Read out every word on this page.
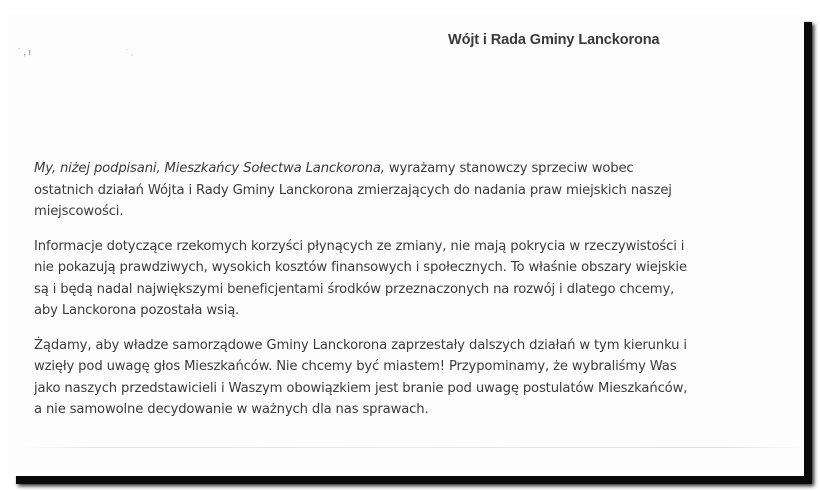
˙ , ı	˙ ,
Wójt i Rada Gminy Lanckorona
My, niżej podpisani, Mieszkańcy Sołectwa Lanckorona, wyrażamy stanowczy sprzeciw wobec
ostatnich działań Wójta i Rady Gminy Lanckorona zmierzających do nadania praw miejskich naszej
miejscowości.
Informacje dotyczące rzekomych korzyści płynących ze zmiany, nie mają pokrycia w rzeczywistości i
nie pokazują prawdziwych, wysokich kosztów finansowych i społecznych. To właśnie obszary wiejskie
są i będą nadal największymi beneficjentami środków przeznaczonych na rozwój i dlatego chcemy,
aby Lanckorona pozostała wsią.
Żądamy, aby władze samorządowe Gminy Lanckorona zaprzestały dalszych działań w tym kierunku i
wzięły pod uwagę głos Mieszkańców. Nie chcemy być miastem! Przypominamy, że wybraliśmy Was
jako naszych przedstawicieli i Waszym obowiązkiem jest branie pod uwagę postulatów Mieszkańców,
a nie samowolne decydowanie w ważnych dla nas sprawach.
